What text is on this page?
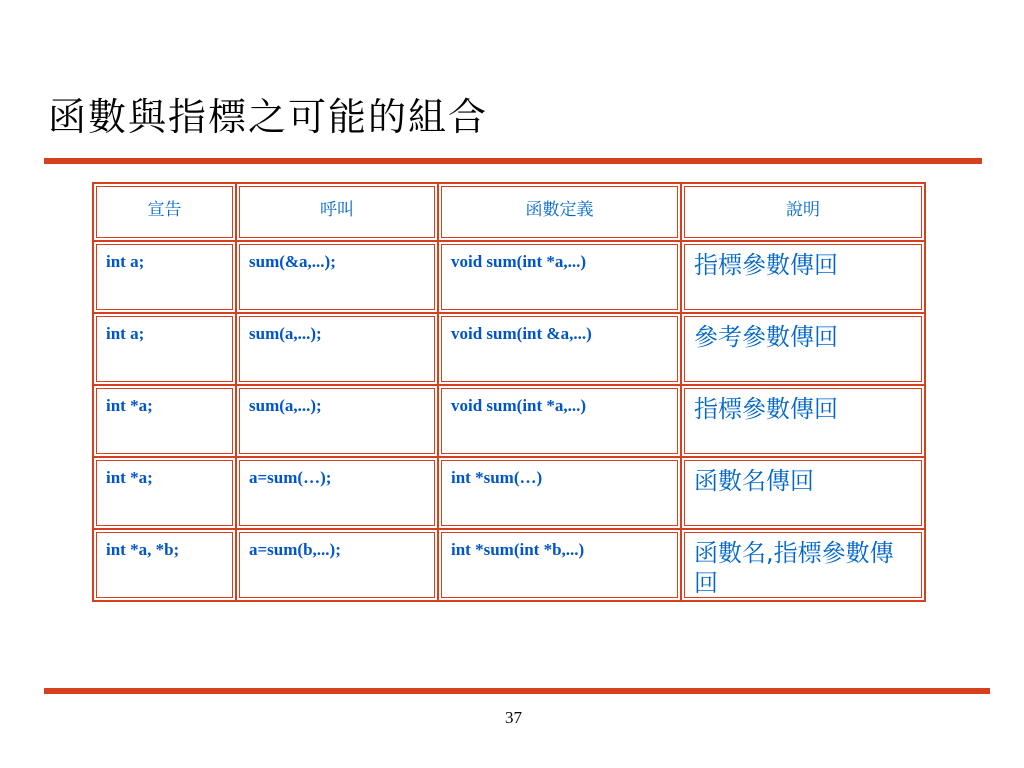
函數與指標之可能的組合
宣告	呼叫	函數定義	說明

int a;	sum(&a,...);	void sum(int *a,...)	指標參數傳回

int a;	sum(a,...);	void sum(int &a,...)	參考參數傳回

int *a;	sum(a,...);	void sum(int *a,...)	指標參數傳回

int *a;	a=sum(…);	int *sum(…)	函數名傳回

int *a, *b;	a=sum(b,...);	int *sum(int *b,...)	函數名,指標參數傳回
37
